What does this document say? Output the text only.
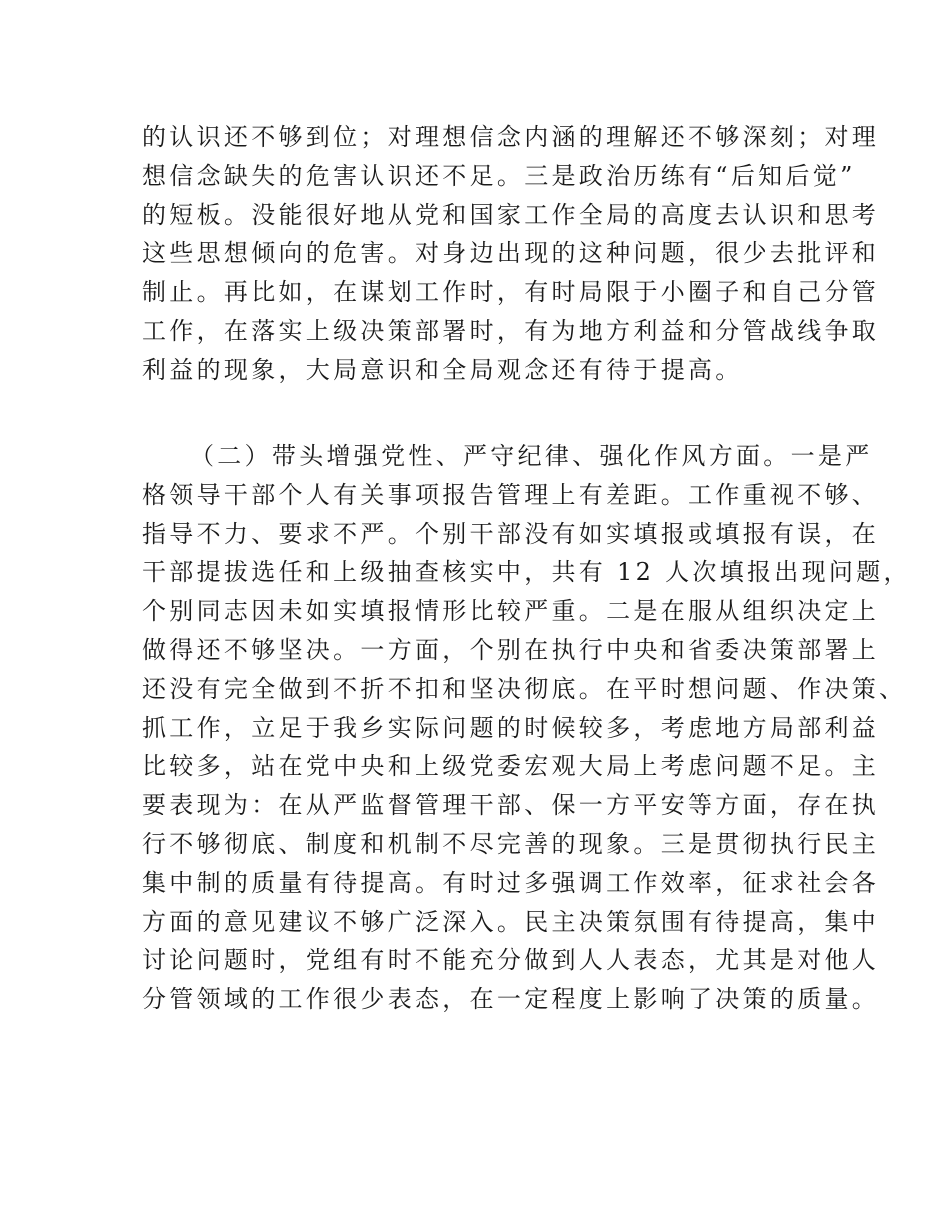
的认识还不够到位；对理想信念内涵的理解还不够深刻；对理
想信念缺失的危害认识还不足。三是政治历练有“后知后觉”
的短板。没能很好地从党和国家工作全局的高度去认识和思考
这些思想倾向的危害。对身边出现的这种问题，很少去批评和
制止。再比如，在谋划工作时，有时局限于小圈子和自己分管
工作，在落实上级决策部署时，有为地方利益和分管战线争取
利益的现象，大局意识和全局观念还有待于提高。
（二）带头增强党性、严守纪律、强化作风方面。一是严
格领导干部个人有关事项报告管理上有差距。工作重视不够、
指导不力、要求不严。个别干部没有如实填报或填报有误，在
干部提拔选任和上级抽查核实中，共有 12 人次填报出现问题，
个别同志因未如实填报情形比较严重。二是在服从组织决定上
做得还不够坚决。一方面，个别在执行中央和省委决策部署上
还没有完全做到不折不扣和坚决彻底。在平时想问题、作决策、
抓工作，立足于我乡实际问题的时候较多，考虑地方局部利益
比较多，站在党中央和上级党委宏观大局上考虑问题不足。主
要表现为：在从严监督管理干部、保一方平安等方面，存在执
行不够彻底、制度和机制不尽完善的现象。三是贯彻执行民主
集中制的质量有待提高。有时过多强调工作效率，征求社会各
方面的意见建议不够广泛深入。民主决策氛围有待提高，集中
讨论问题时，党组有时不能充分做到人人表态，尤其是对他人
分管领域的工作很少表态，在一定程度上影响了决策的质量。
